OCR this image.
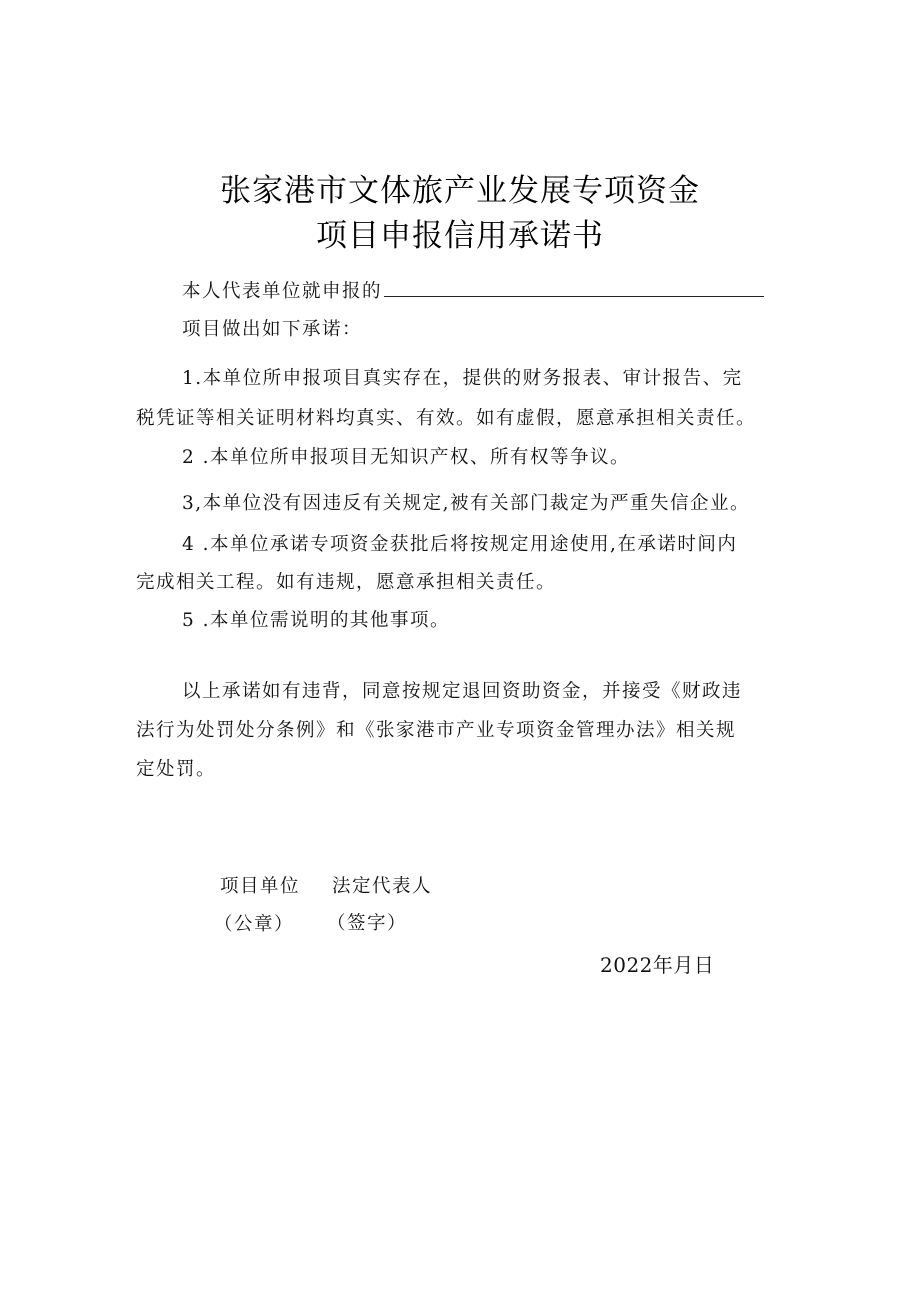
张家港市文体旅产业发展专项资金
项目申报信用承诺书
本人代表单位就申报的
项目做出如下承诺：
1.本单位所申报项目真实存在，提供的财务报表、审计报告、完
税凭证等相关证明材料均真实、有效。如有虚假，愿意承担相关责任。
2 .本单位所申报项目无知识产权、所有权等争议。
3,本单位没有因违反有关规定,被有关部门裁定为严重失信企业。
4 .本单位承诺专项资金获批后将按规定用途使用,在承诺时间内
完成相关工程。如有违规，愿意承担相关责任。
5 .本单位需说明的其他事项。
以上承诺如有违背，同意按规定退回资助资金，并接受《财政违
法行为处罚处分条例》和《张家港市产业专项资金管理办法》相关规
定处罚。
项目单位 法定代表人
（公章） （签字）
2022年月日
